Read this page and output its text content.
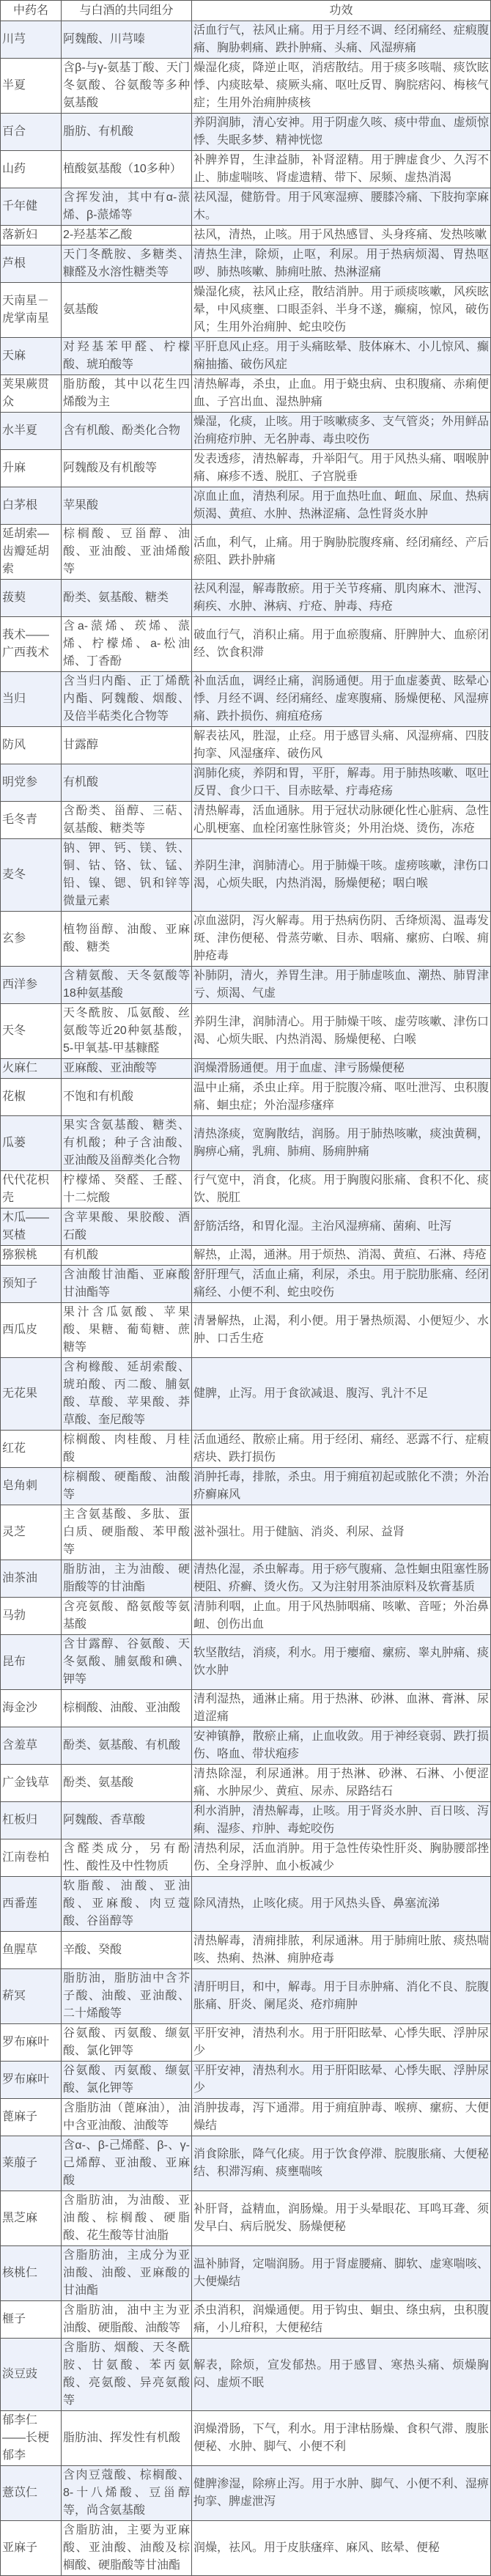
中药名	与白酒的共同组分	功效
川芎	阿魏酸、川芎嗪	活血行气，祛风止痛。用于月经不调、经闭痛经、症瘕腹痛、胸胁刺痛、跌扑肿痛、头痛、风湿痹痛
半夏	含β-与γ-氨基丁酸、天门冬氨酸、谷氨酸等多种氨基酸	燥湿化痰，降逆止呕，消痞散结。用于痰多咳喘、痰饮眩悸、内痰眩晕、痰厥头痛、呕吐反胃、胸脘痞闷、梅核气症；生用外治痈肿痰核
百合	脂肪、有机酸	养阴润肺，清心安神。用于阴虚久咳、痰中带血、虚烦惊悸、失眠多梦、精神恍惚
山药	植酸氨基酸（10多种）	补脾养胃，生津益肺，补肾涩精。用于脾虚食少、久泻不止、肺虚喘咳、肾虚遗精、带下、尿频、虚热消渴
千年健	含挥发油，其中有α-蒎烯、β-蒎烯等	祛风湿，健筋骨。用于风寒湿痹、腰膝冷痛、下肢拘挛麻木。
落新妇	2-羟基苯乙酸	祛风，清热，止咳。用于风热感冒、头身疼痛、发热咳嗽
芦根	天门冬酰胺、多糖类、糠醛及水溶性糖类等	清热生津，除烦，止呕，利尿。用于热病烦渴、胃热呕哕、肺热咳嗽、肺痈吐脓、热淋涩痛
天南星－虎掌南星	氨基酸	燥湿化痰，祛风止痉，散结消肿。用于顽痰咳嗽，风疾眩晕，中风痰壅、口眼歪斜、半身不遂，癫痫，惊风，破伤风；生用外治痈肿、蛇虫咬伤
天麻	对羟基苯甲醛、柠檬酸、琥珀酸等	平肝息风止痉。用于头痛眩晕、肢体麻木、小儿惊风、癫痫抽搐、破伤风症
荚果蕨贯众	脂肪酸，其中以花生四烯酸为主	清热解毒，杀虫，止血。用于蛲虫病、虫积腹痛、赤痢便血、子宫出血、湿热肿痛
水半夏	含有机酸、酚类化合物	燥湿，化痰，止咳。用于咳嗽痰多、支气管炎；外用鲜品治痈疮疖肿、无名肿毒、毒虫咬伤
升麻	阿魏酸及有机酸等	发表透疹，清热解毒，升举阳气。用于风热头痛、咽喉肿痛、麻疹不透、脱肛、子宫脱垂
白茅根	苹果酸	凉血止血，清热利尿。用于血热吐血、衄血、尿血、热病烦渴、黄疸、水肿、热淋涩痛、急性肾炎水肿
延胡索—齿瓣延胡索	棕榈酸、豆甾醇、油酸、亚油酸、亚油烯酸等	活血，利气，止痛。用于胸胁脘腹疼痛、经闭痛经、产后瘀阻、跌扑肿痛
菝葜	酚类、氨基酸、糖类	祛风利湿，解毒散瘀。用于关节疼痛、肌肉麻木、泄泻、痢疾、水肿、淋病、疔疮、肿毒、痔疮
莪术——广西莪术	含a-蒎烯、莰烯、蒎烯、柠檬烯、a-松油烯、丁香酚	破血行气，消积止痛。用于血瘀腹痛、肝脾肿大、血瘀闭经、饮食积滞
当归	含当归内酯、正丁烯酰内酯、阿魏酸、烟酸、及倍半萜类化合物等	补血活血，调经止痛，润肠通便。用于血虚萎黄、眩晕心悸、月经不调、经闭痛经、虚寒腹痛、肠燥便秘、风湿痹痛、跌扑损伤、痈疽疮疡
防风	甘露醇	解表祛风，胜湿，止痉。用于感冒头痛、风湿痹痛、四肢拘挛、风湿瘙痒、破伤风
明党参	有机酸	润肺化痰，养阴和胃，平肝，解毒。用于肺热咳嗽、呕吐反胃、食少口干、目赤眩晕、疔毒疮疡
毛冬青	含酚类、甾醇、三萜、氨基酸、糖类等	清热解毒，活血通脉。用于冠状动脉硬化性心脏病、急性心肌梗塞、血栓闭塞性脉管炎；外用治烧、烫伤，冻疮
麦冬	钠、钾、钙、镁、铁、铜、钴、铬、钛、锰、铅、镍、锶、钒和锌等微量元素	养阴生津，润肺清心。用于肺燥干咳。虚痨咳嗽，津伤口渴，心烦失眠，内热消渴，肠燥便秘；咽白喉
玄参	植物甾醇、油酸、亚麻酸、糖类	凉血滋阴，泻火解毒。用于热病伤阴、舌绛烦渴、温毒发斑、津伤便秘、骨蒸劳嗽、目赤、咽痛、瘰疬、白喉、痈肿疮毒
西洋参	含精氨酸、天冬氨酸等18种氨基酸	补肺阴，清火，养胃生津。用于肺虚咳血、潮热、肺胃津亏、烦渴、气虚
天冬	天冬酰胺、瓜氨酸、丝氨酸等近20种氨基酸，5-甲氧基-甲基糠醛	养阴生津，润肺清心。用于肺燥干咳、虚劳咳嗽、津伤口渴、心烦失眠、内热消渴、肠燥便秘、白喉
火麻仁	亚麻酸、亚油酸等	润燥滑肠通便。用于血虚、津亏肠燥便秘
花椒	不饱和有机酸	温中止痛，杀虫止痒。用于脘腹冷痛、呕吐泄泻、虫积腹痛、蛔虫症；外治湿疹瘙痒
瓜蒌	果实含氨基酸、糖类、有机酸；种子含油酸、亚油酸及甾醇类化合物	清热涤痰，宽胸散结，润肠。用于肺热咳嗽，痰浊黄稠，胸痹心痛，乳痈、肺痈、肠痈肿痛
代代花枳壳	柠檬烯、癸醛、壬醛、十二烷酸	行气宽中，消食，化痰。用于胸腹闷胀痛、食积不化、痰饮、脱肛
木瓜——冥楂	含苹果酸、果胶酸、酒石酸	舒筋活络，和胃化湿。主治风湿痹痛、菌痢、吐泻
猕猴桃	有机酸	解热，止渴，通淋。用于烦热、消渴、黄疸、石淋、痔疮
预知子	含油酸甘油酯、亚麻酸甘油酯等	舒肝理气，活血止痛，利尿，杀虫。用于脘肋胀痛、经闭痛经、小便不利、蛇虫咬伤
西瓜皮	果汁含瓜氨酸、苹果酸、果糖、葡萄糖、蔗糖等	清暑解热，止渴，利小便。用于暑热烦渴、小便短少、水肿、口舌生疮
无花果	含枸橼酸、延胡索酸、琥珀酸、丙二酸、脯氨酸、草酸、苹果酸、莽草酸、奎尼酸等	健脾，止泻。用于食欲减退、腹泻、乳汁不足
红花	棕榈酸、肉桂酸、月桂酸	活血通经、散瘀止痛。用于经闭、痛经、恶露不行、症瘕痞块、跌打损伤
皂角刺	棕榈酸、硬酯酸、油酸等	消肿托毒，排脓，杀虫。用于痈疽初起或脓化不溃；外治疥癣麻风
灵芝	主含氨基酸、多肽、蛋白质、硬脂酸、苯甲酸等	滋补强壮。用于健脑、消炎、利尿、益肾
油茶油	脂肪油，主为油酸、硬脂酸等的甘油酯	清热化湿，杀虫解毒。用于痧气腹痛、急性蛔虫阻塞性肠梗阻、疥癣、烫火伤。又为注射用茶油原料及软膏基质
马勃	含亮氨酸、酪氨酸等氨基酸	清肺利咽，止血。用于风热肺咽痛、咳嗽、音哑；外治鼻衄、创伤出血
昆布	含甘露醇、谷氨酸、天冬氨酸、脯氨酸和碘、钾等	软坚散结，消痰，利水。用于瘿瘤、瘰疬、睾丸肿痛、痰饮水肿
海金沙	棕榈酸、油酸、亚油酸	清利湿热，通淋止痛。用于热淋、砂淋、血淋、膏淋、尿道涩痛
含羞草	酚类、氨基酸、有机酸	安神镇静，散瘀止痛，止血收敛。用于神经衰弱、跌打损伤、咯血、带状疱疹
广金钱草	酚类、氨基酸	清热除湿，利尿通淋。用于热淋、砂淋、石淋、小便涩痛、水肿尿少、黄疸、尿赤、尿路结石
杠板归	阿魏酸、香草酸	利水消肿，清热解毒，止咳。用于肾炎水肿、百日咳、泻痢、湿疹、疖肿、毒蛇咬伤
江南卷柏	含醛类成分，另有酚性、酸性及中性物质	清热利尿，活血消肿。用于急性传染性肝炎、胸胁腰部挫伤、全身浮肿、血小板减少
西番莲	软脂酸、油酸、亚油酸、亚麻酸、肉豆蔻酸、谷甾醇等	除风清热，止咳化痰。用于风热头昏、鼻塞流涕
鱼腥草	辛酸、癸酸	清热解毒，清痈排脓，利尿通淋。用于肺痈吐脓、痰热喘咳、热痢、热淋、痈肿疮毒
菥冥	脂肪油，脂肪油中含芥子酸、油酸、亚油酸、二十烯酸等	清肝明目，和中，解毒。用于目赤肿痛、消化不良、脘腹胀痛、肝炎、阑尾炎、疮疖痈肿
罗布麻叶	谷氨酸、丙氨酸、缬氨酸、氯化钾等	平肝安神，清热利水。用于肝阳眩晕、心悸失眠、浮肿尿少
罗布麻叶	谷氨酸、丙氨酸、缬氨酸、氯化钾等	平肝安神，清热利水。用于肝阳眩晕、心悸失眠、浮肿尿少
蓖麻子	含脂肪油（蓖麻油），油中含亚油酸、油酸等	消肿拔毒，泻下通滞。用于痈疽肿毒、喉痹、瘰疬、大便燥结
莱菔子	含α-、β-己烯醛、β-、γ-己烯醇、亚油酸、亚麻酸	消食除胀，降气化痰。用于饮食停滞、脘腹胀痛、大便秘结、积滞泻痢、痰壅喘咳
黑芝麻	含脂肪油，为油酸、亚油酸、棕榈酸、硬脂酸、花生酸等甘油脂	补肝肾，益精血，润肠燥。用于头晕眼花、耳鸣耳聋、须发早白、病后脱发、肠燥便秘
核桃仁	含脂肪油，主成分为亚油酸、油酸、亚麻酸的甘油酯	温补肺肾，定喘润肠。用于肾虚腰痛、脚软、虚寒喘咳、大便燥结
榧子	含脂肪油，油中主为亚油酸、硬脂酸、油酸等	杀虫消积，润燥通便。用于钩虫、蛔虫、绦虫病，虫积腹痛，小儿疳积，大便秘结
淡豆豉	含脂肪、烟酸、天冬酰胺、甘氨酸、苯丙氨酸、亮氨酸、异亮氨酸等	解表，除烦，宣发郁热。用于感冒、寒热头痛、烦燥胸闷、虚烦不眠
郁李仁——长梗郁李	脂肪油、挥发性有机酸	润燥滑肠，下气，利水。用于津枯肠燥、食积气滞、腹胀便秘、水肿、脚气、小便不利
薏苡仁	含肉豆蔻酸、棕榈酸、8-十八烯酸、豆甾醇等，尚含氨基酸	健脾渗湿，除痹止泻。用于水肿、脚气、小便不利、湿痹拘挛、脾虚泄泻
亚麻子	含脂肪油，主要为亚麻酸、亚油酸、油酸及棕榈酸、硬脂酸等甘油酯	润燥，祛风。用于皮肤瘙痒、麻风、眩晕、便秘
